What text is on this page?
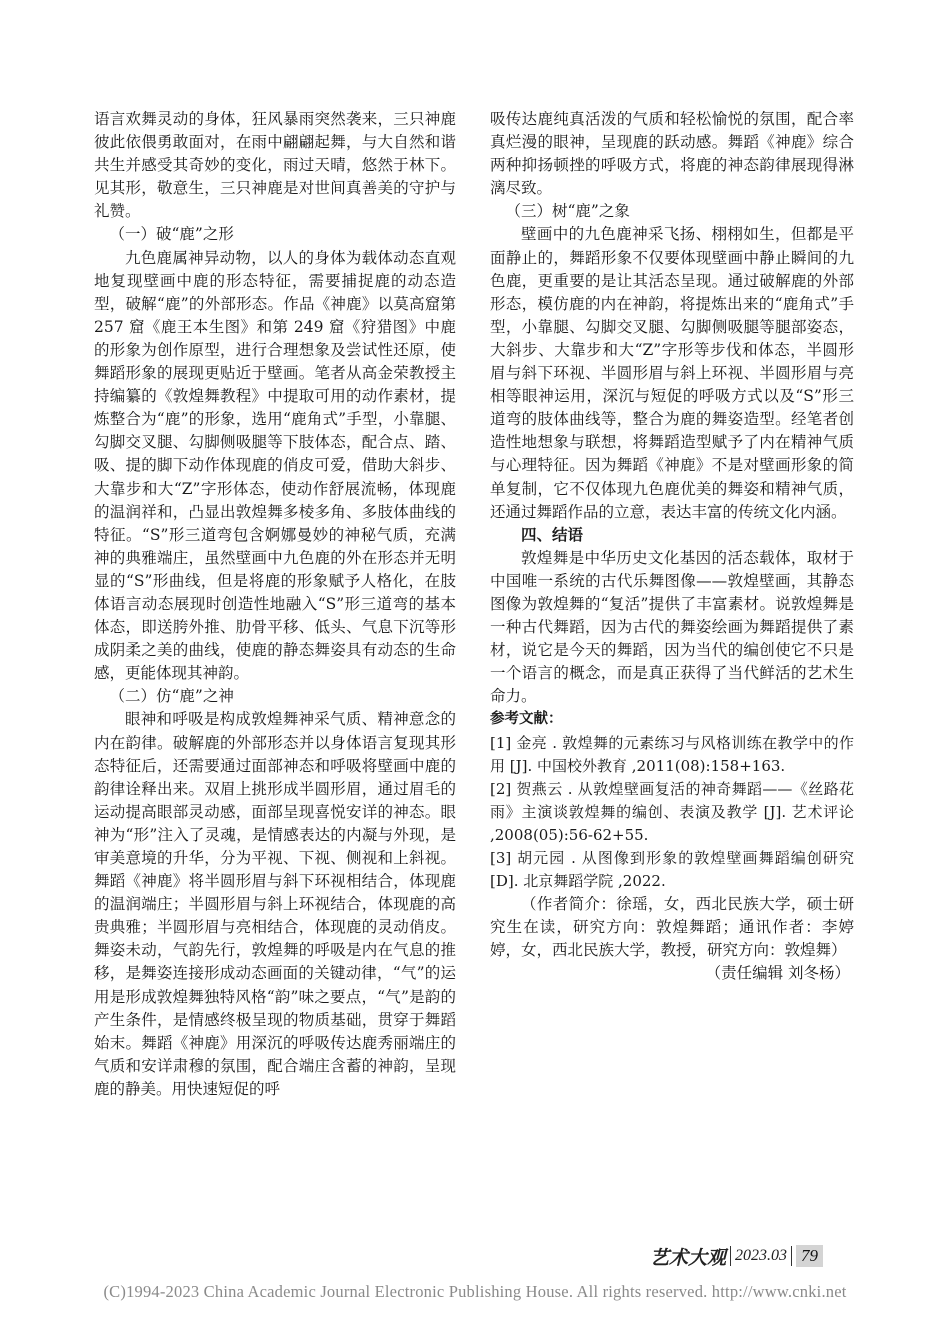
语言欢舞灵动的身体，狂风暴雨突然袭来，三只神鹿彼此依偎勇敢面对，在雨中翩翩起舞，与大自然和谐共生并感受其奇妙的变化，雨过天晴，悠然于林下。见其形，敬意生，三只神鹿是对世间真善美的守护与礼赞。

（一）破“鹿”之形

九色鹿属神异动物，以人的身体为载体动态直观地复现壁画中鹿的形态特征，需要捕捉鹿的动态造型，破解“鹿”的外部形态。作品《神鹿》以莫高窟第 257 窟《鹿王本生图》和第 249 窟《狩猎图》中鹿的形象为创作原型，进行合理想象及尝试性还原，使舞蹈形象的展现更贴近于壁画。笔者从高金荣教授主持编纂的《敦煌舞教程》中提取可用的动作素材，提炼整合为“鹿”的形象，选用“鹿角式”手型，小靠腿、勾脚交叉腿、勾脚侧吸腿等下肢体态，配合点、踏、吸、提的脚下动作体现鹿的俏皮可爱，借助大斜步、大靠步和大“Z”字形体态，使动作舒展流畅，体现鹿的温润祥和，凸显出敦煌舞多棱多角、多肢体曲线的特征。“S”形三道弯包含婀娜曼妙的神秘气质，充满神的典雅端庄，虽然壁画中九色鹿的外在形态并无明显的“S”形曲线，但是将鹿的形象赋予人格化，在肢体语言动态展现时创造性地融入“S”形三道弯的基本体态，即送胯外推、肋骨平移、低头、气息下沉等形成阴柔之美的曲线，使鹿的静态舞姿具有动态的生命感，更能体现其神韵。

（二）仿“鹿”之神

眼神和呼吸是构成敦煌舞神采气质、精神意念的内在韵律。破解鹿的外部形态并以身体语言复现其形态特征后，还需要通过面部神态和呼吸将壁画中鹿的韵律诠释出来。双眉上挑形成半圆形眉，通过眉毛的运动提高眼部灵动感，面部呈现喜悦安详的神态。眼神为“形”注入了灵魂，是情感表达的内凝与外现，是审美意境的升华，分为平视、下视、侧视和上斜视。舞蹈《神鹿》将半圆形眉与斜下环视相结合，体现鹿的温润端庄；半圆形眉与斜上环视结合，体现鹿的高贵典雅；半圆形眉与亮相结合，体现鹿的灵动俏皮。舞姿未动，气韵先行，敦煌舞的呼吸是内在气息的推移，是舞姿连接形成动态画面的关键动律，“气”的运用是形成敦煌舞独特风格“韵”味之要点，“气”是韵的产生条件，是情感终极呈现的物质基础，贯穿于舞蹈始末。舞蹈《神鹿》用深沉的呼吸传达鹿秀丽端庄的气质和安详肃穆的氛围，配合端庄含蓄的神韵，呈现鹿的静美。用快速短促的呼

吸传达鹿纯真活泼的气质和轻松愉悦的氛围，配合率真烂漫的眼神，呈现鹿的跃动感。舞蹈《神鹿》综合两种抑扬顿挫的呼吸方式，将鹿的神态韵律展现得淋漓尽致。

（三）树“鹿”之象

壁画中的九色鹿神采飞扬、栩栩如生，但都是平面静止的，舞蹈形象不仅要体现壁画中静止瞬间的九色鹿，更重要的是让其活态呈现。通过破解鹿的外部形态，模仿鹿的内在神韵，将提炼出来的“鹿角式”手型，小靠腿、勾脚交叉腿、勾脚侧吸腿等腿部姿态，大斜步、大靠步和大“Z”字形等步伐和体态，半圆形眉与斜下环视、半圆形眉与斜上环视、半圆形眉与亮相等眼神运用，深沉与短促的呼吸方式以及“S”形三道弯的肢体曲线等，整合为鹿的舞姿造型。经笔者创造性地想象与联想，将舞蹈造型赋予了内在精神气质与心理特征。因为舞蹈《神鹿》不是对壁画形象的简单复制，它不仅体现九色鹿优美的舞姿和精神气质，还通过舞蹈作品的立意，表达丰富的传统文化内涵。

四、结语

敦煌舞是中华历史文化基因的活态载体，取材于中国唯一系统的古代乐舞图像——敦煌壁画，其静态图像为敦煌舞的“复活”提供了丰富素材。说敦煌舞是一种古代舞蹈，因为古代的舞姿绘画为舞蹈提供了素材，说它是今天的舞蹈，因为当代的编创使它不只是一个语言的概念，而是真正获得了当代鲜活的艺术生命力。

参考文献：

[1] 金亮 . 敦煌舞的元素练习与风格训练在教学中的作用 [J]. 中国校外教育 ,2011(08):158+163.

[2] 贺燕云 . 从敦煌壁画复活的神奇舞蹈——《丝路花雨》主演谈敦煌舞的编创、表演及教学 [J]. 艺术评论 ,2008(05):56-62+55.

[3] 胡元园 . 从图像到形象的敦煌壁画舞蹈编创研究 [D]. 北京舞蹈学院 ,2022.

（作者简介：徐瑶，女，西北民族大学，硕士研究生在读，研究方向：敦煌舞蹈；通讯作者：李婷婷，女，西北民族大学，教授，研究方向：敦煌舞）

（责任编辑 刘冬杨）

艺术大观 2023.03 79
(C)1994-2023 China Academic Journal Electronic Publishing House. All rights reserved. http://www.cnki.net
